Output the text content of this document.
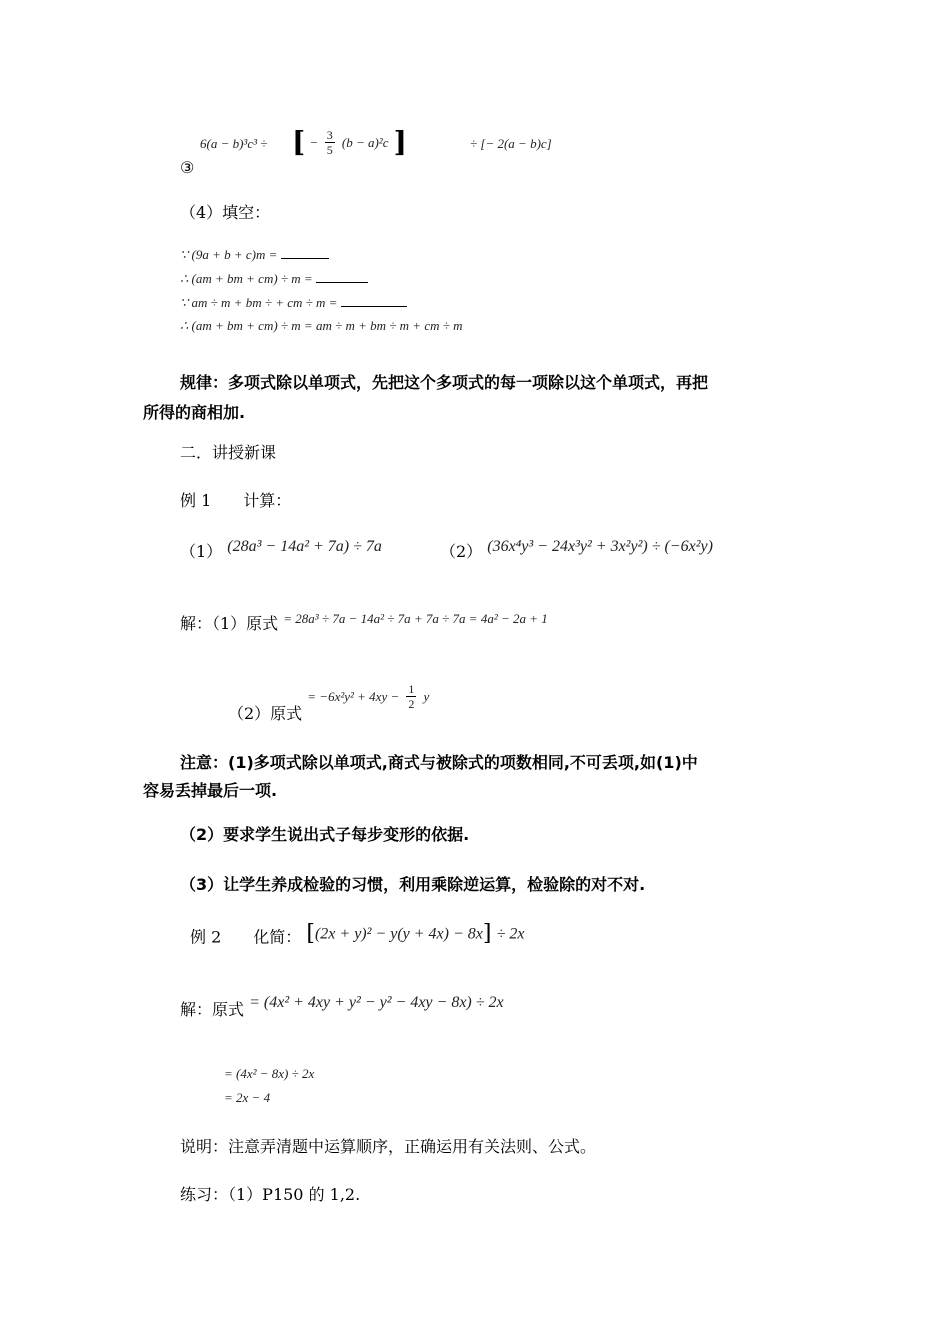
③
6(a − b)³c³ ÷ [ − $\frac{3}{5} (b - a)^2c$ ]	÷ [− 2(a − b)c]
（4）填空：
∵ (9a + b + c)m =
∴ (am + bm + cm) ÷ m =
∵ am ÷ m + bm ÷ + cm ÷ m =
∴ (am + bm + cm) ÷ m = am ÷ m + bm ÷ m + cm ÷ m
规律：多项式除以单项式，先把这个多项式的每一项除以这个单项式，再把
所得的商相加.
二．讲授新课
例 1　　计算：
（1） (28a³ − 14a² + 7a) ÷ 7a	（2） (36x⁴y³ − 24x³y² + 3x²y²) ÷ (−6x²y)
解：（1）原式 = 28a³ ÷ 7a − 14a² ÷ 7a + 7a ÷ 7a = 4a² − 2a + 1
（2）原式 = $-6x^2y^2 + 4xy - \frac{1}{2}$ y
注意：(1)多项式除以单项式,商式与被除式的项数相同,不可丢项,如(1)中
容易丢掉最后一项.
（2）要求学生说出式子每步变形的依据.
（3）让学生养成检验的习惯，利用乘除逆运算，检验除的对不对.
例 2　　化简： [(2x + y)² − y(y + 4x) − 8x] ÷ 2x
解：原式 = (4x² + 4xy + y² − y² − 4xy − 8x) ÷ 2x
= (4x² − 8x) ÷ 2x
= 2x − 4
说明：注意弄清题中运算顺序，正确运用有关法则、公式。
练习：（1）P150 的 1,2.
